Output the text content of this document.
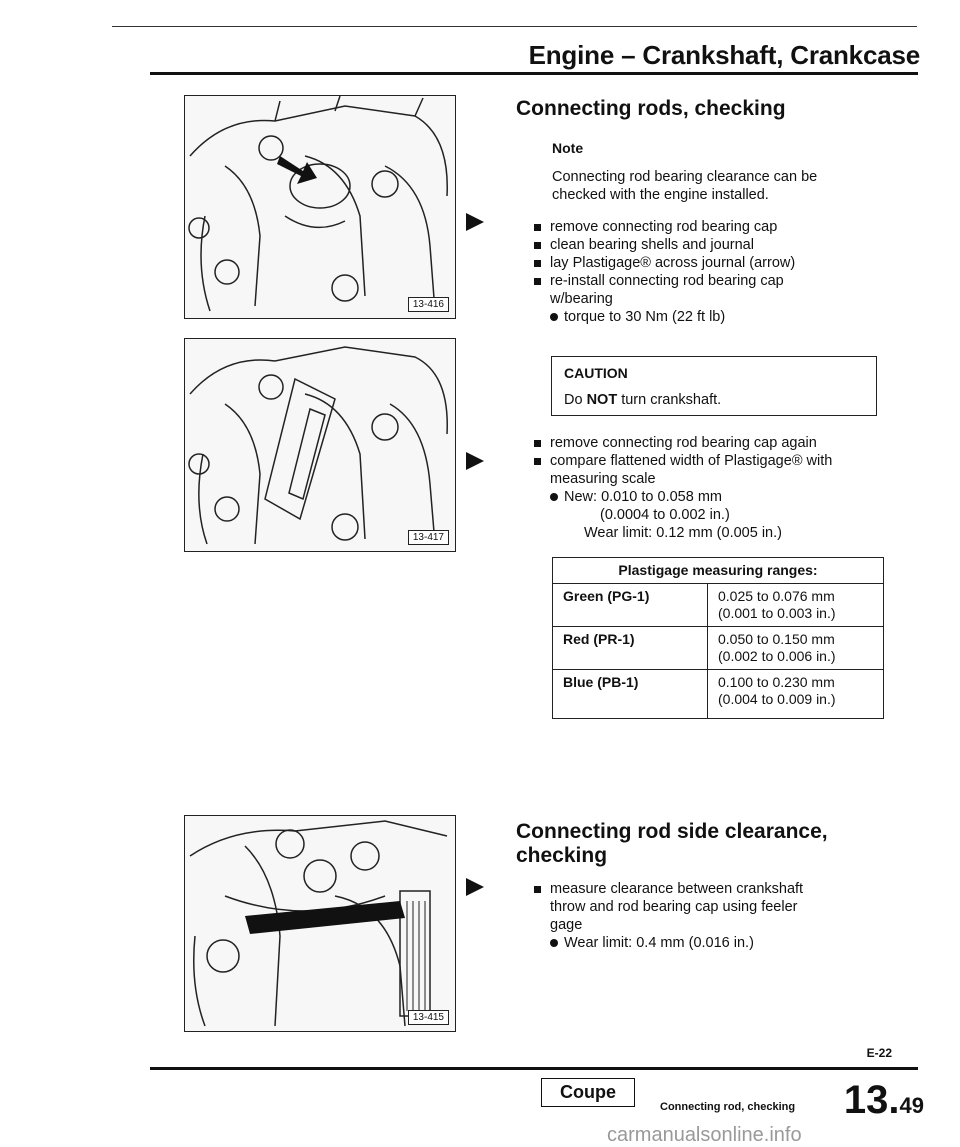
Engine – Crankshaft, Crankcase
13-416
13-417
13-415
Connecting rods, checking
Note
Connecting rod bearing clearance can be
checked with the engine installed.
remove connecting rod bearing cap
clean bearing shells and journal
lay Plastigage® across journal (arrow)
re-install connecting rod bearing cap
w/bearing
torque to 30 Nm (22 ft lb)
CAUTION
Do NOT turn crankshaft.
remove connecting rod bearing cap again
compare flattened width of Plastigage® with
measuring scale
New: 0.010 to 0.058 mm
(0.0004 to 0.002 in.)
Wear limit: 0.12 mm (0.005 in.)
Plastigage measuring ranges:	
Green (PG-1)	0.025 to 0.076 mm
(0.001 to 0.003 in.)

Red (PR-1)	0.050 to 0.150 mm
(0.002 to 0.006 in.)

Blue (PB-1)	0.100 to 0.230 mm
(0.004 to 0.009 in.)
Connecting rod side clearance,
checking
measure clearance between crankshaft
throw and rod bearing cap using feeler
gage
Wear limit: 0.4 mm (0.016 in.)
E-22
Coupe
Connecting rod, checking 13.49
carmanualsonline.info
